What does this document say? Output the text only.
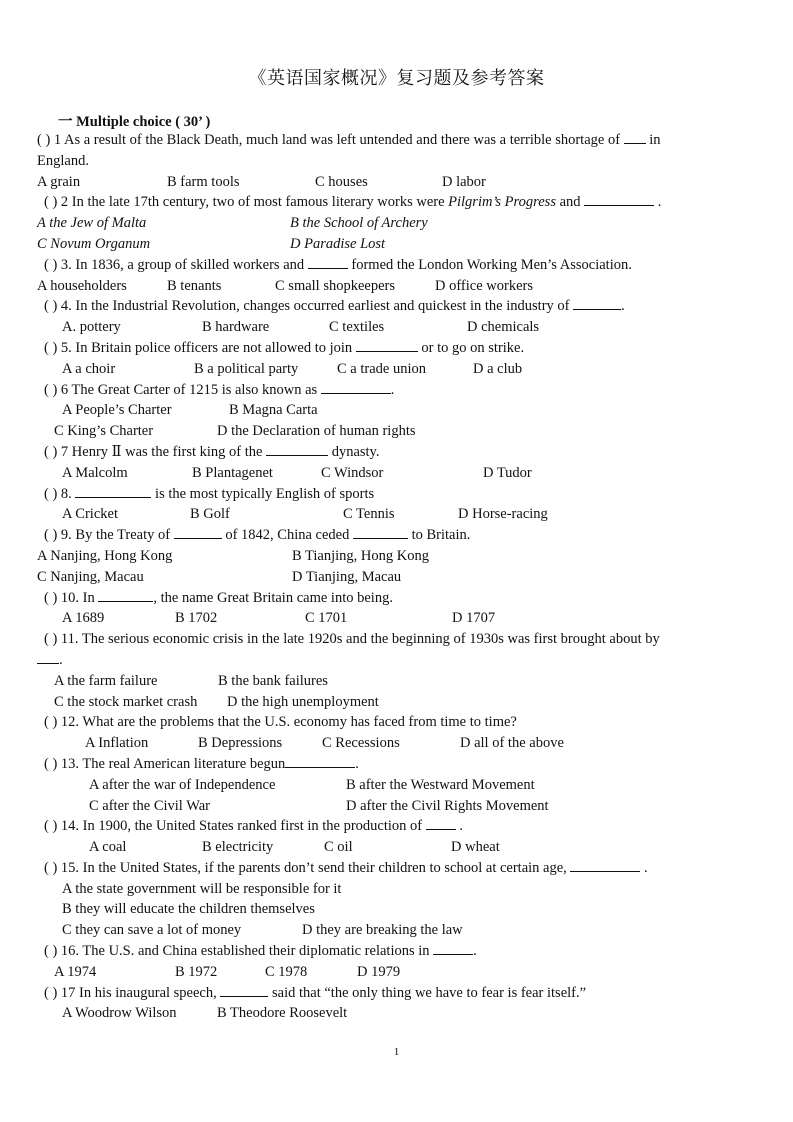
《英语国家概况》复习题及参考答案
一 Multiple choice ( 30’ )
( ) 1 As a result of the Black Death, much land was left untended and there was a terrible shortage of in
England.
A grain	B farm tools	C houses	D labor
( ) 2 In the late 17th century, two of most famous literary works were Pilgrim’s Progress and	.
A the Jew of Malta	B the School of Archery
C Novum Organum	D Paradise Lost
( ) 3. In 1836, a group of skilled workers and	formed the London Working Men’s Association.
A householders	B tenants	C small shopkeepers	D office workers
( ) 4. In the Industrial Revolution, changes occurred earliest and quickest in the industry of	.
A. pottery	B hardware	C textiles	D chemicals
( ) 5. In Britain police officers are not allowed to join	or to go on strike.
A a choir	B a political party	C a trade union	D a club
( ) 6 The Great Carter of 1215 is also known as	.
A People’s Charter	B Magna Carta
C King’s Charter	D the Declaration of human rights
( ) 7 Henry Ⅱ was the first king of the	dynasty.
A Malcolm	B Plantagenet	C Windsor	D Tudor
( ) 8.	is the most typically English of sports
A Cricket	B Golf	C Tennis	D Horse-racing
( ) 9. By the Treaty of	of 1842, China ceded	to Britain.
A Nanjing, Hong Kong	B Tianjing, Hong Kong
C Nanjing, Macau	D Tianjing, Macau
( ) 10. In	, the name Great Britain came into being.
A 1689	B 1702	C 1701	D 1707
( ) 11. The serious economic crisis in the late 1920s and the beginning of 1930s was first brought about by
.
A the farm failure	B the bank failures
C the stock market crash	D the high unemployment
( ) 12. What are the problems that the U.S. economy has faced from time to time?
A Inflation	B Depressions	C Recessions	D all of the above
( ) 13. The real American literature begun	.
A after the war of Independence	B after the Westward Movement
C after the Civil War	D after the Civil Rights Movement
( ) 14. In 1900, the United States ranked first in the production of	.
A coal	B electricity	C oil	D wheat
( ) 15. In the United States, if the parents don’t send their children to school at certain age,	.
A the state government will be responsible for it
B they will educate the children themselves
C they can save a lot of money	D they are breaking the law
( ) 16. The U.S. and China established their diplomatic relations in	.
A 1974	B 1972	C 1978	D 1979
( ) 17 In his inaugural speech,	said that “the only thing we have to fear is fear itself.”
A Woodrow Wilson	B Theodore Roosevelt
1
